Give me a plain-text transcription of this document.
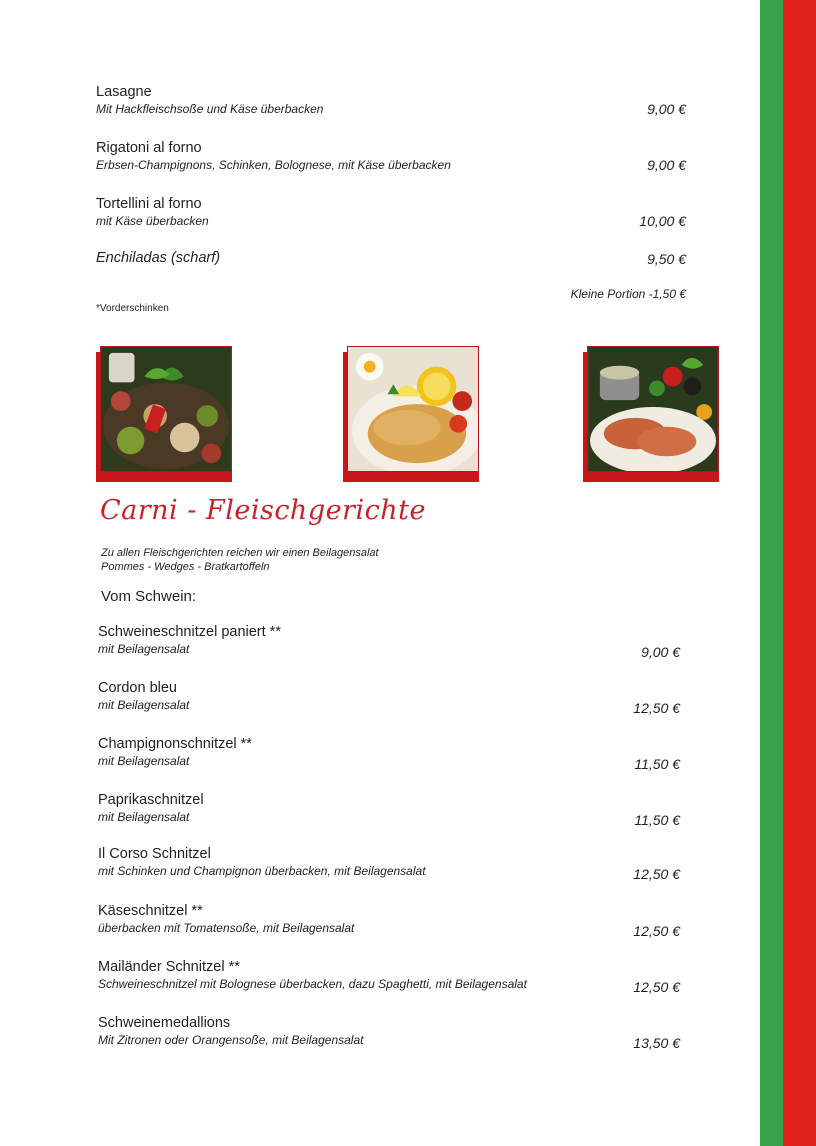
Lasagne
Mit Hackfleischsoße und Käse überbacken	9,00 €
Rigatoni al forno
Erbsen-Champignons, Schinken, Bolognese, mit Käse überbacken	9,00 €
Tortellini al forno
mit Käse überbacken	10,00 €
Enchiladas (scharf)	9,50 €
Kleine Portion -1,50 €
*Vorderschinken
Carni - Fleischgerichte
Zu allen Fleischgerichten reichen wir einen Beilagensalat
Pommes - Wedges - Bratkartoffeln
Vom Schwein:
Schweineschnitzel paniert **
mit Beilagensalat	9,00 €
Cordon bleu
mit Beilagensalat	12,50 €
Champignonschnitzel **
mit Beilagensalat	11,50 €
Paprikaschnitzel
mit Beilagensalat	11,50 €
Il Corso Schnitzel
mit Schinken und Champignon überbacken, mit Beilagensalat	12,50 €
Käseschnitzel **
überbacken mit Tomatensoße, mit Beilagensalat	12,50 €
Mailänder Schnitzel **
Schweineschnitzel mit Bolognese überbacken, dazu Spaghetti, mit Beilagensalat	12,50 €
Schweinemedallions
Mit Zitronen oder Orangensoße, mit Beilagensalat	13,50 €
